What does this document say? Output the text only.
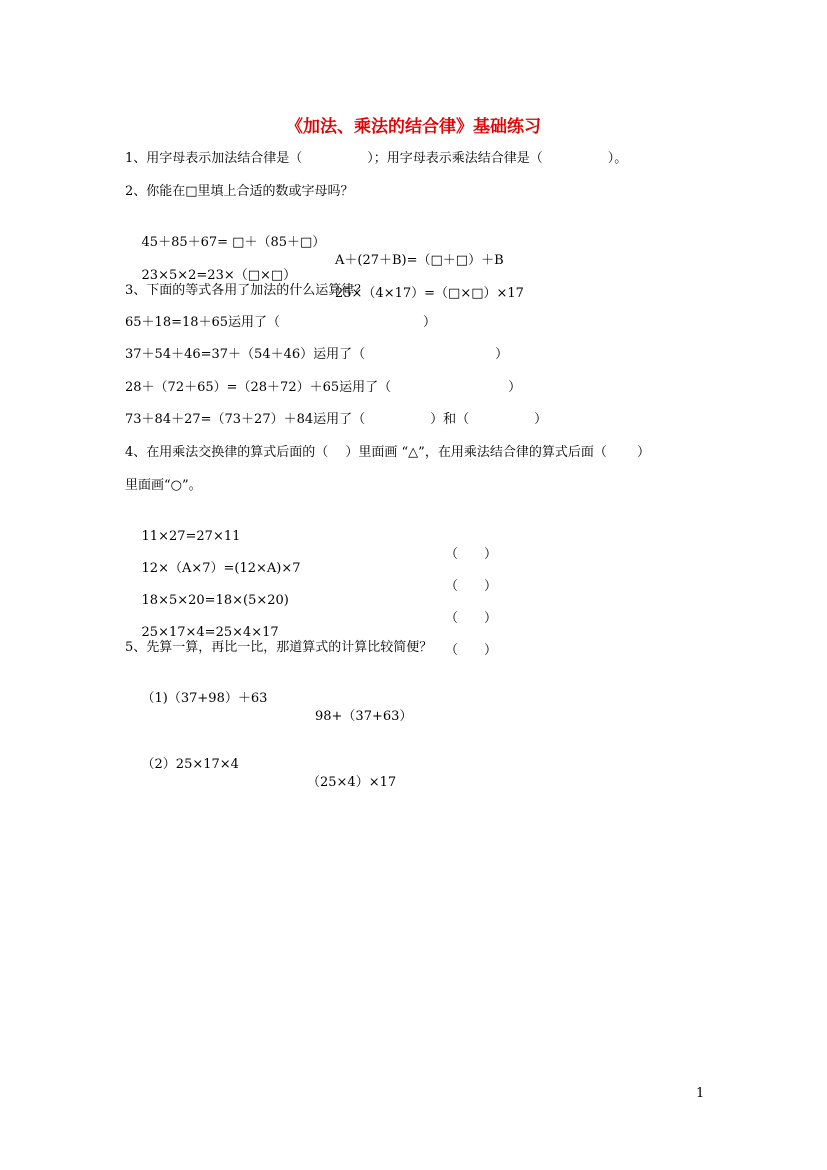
《加法、乘法的结合律》基础练习
1、用字母表示加法结合律是（　　　　　）；用字母表示乘法结合律是（　　　　　）。
2、你能在□里填上合适的数或字母吗？

45＋85＋67= □＋（85＋□）

A＋(27＋B)=（□＋□）＋B

23×5×2=23×（□×□）

25×（4×17）=（□×□）×17

3、下面的等式各用了加法的什么运算律？
65＋18=18＋65运用了（　　　　　　　　　　　）
37＋54＋46=37＋（54＋46）运用了（　　　　　　　　　　）
28＋（72＋65）=（28＋72）＋65运用了（　　　　　　　　　）
73＋84＋27=（73＋27）＋84运用了（　　　　　）和（　　　　　）
4、在用乘法交换律的算式后面的（　 ）里面画 “△”，在用乘法结合律的算式后面（　　 ）
里面画“○”。

11×27=27×11

（　　）

12×（A×7）=(12×A)×7

（　　）

18×5×20=18×(5×20)

（　　）

25×17×4=25×4×17

（　　）

5、先算一算，再比一比，那道算式的计算比较简便？

（1)（37+98）＋63

98+（37+63）

（2）25×17×4

（25×4）×17

1
